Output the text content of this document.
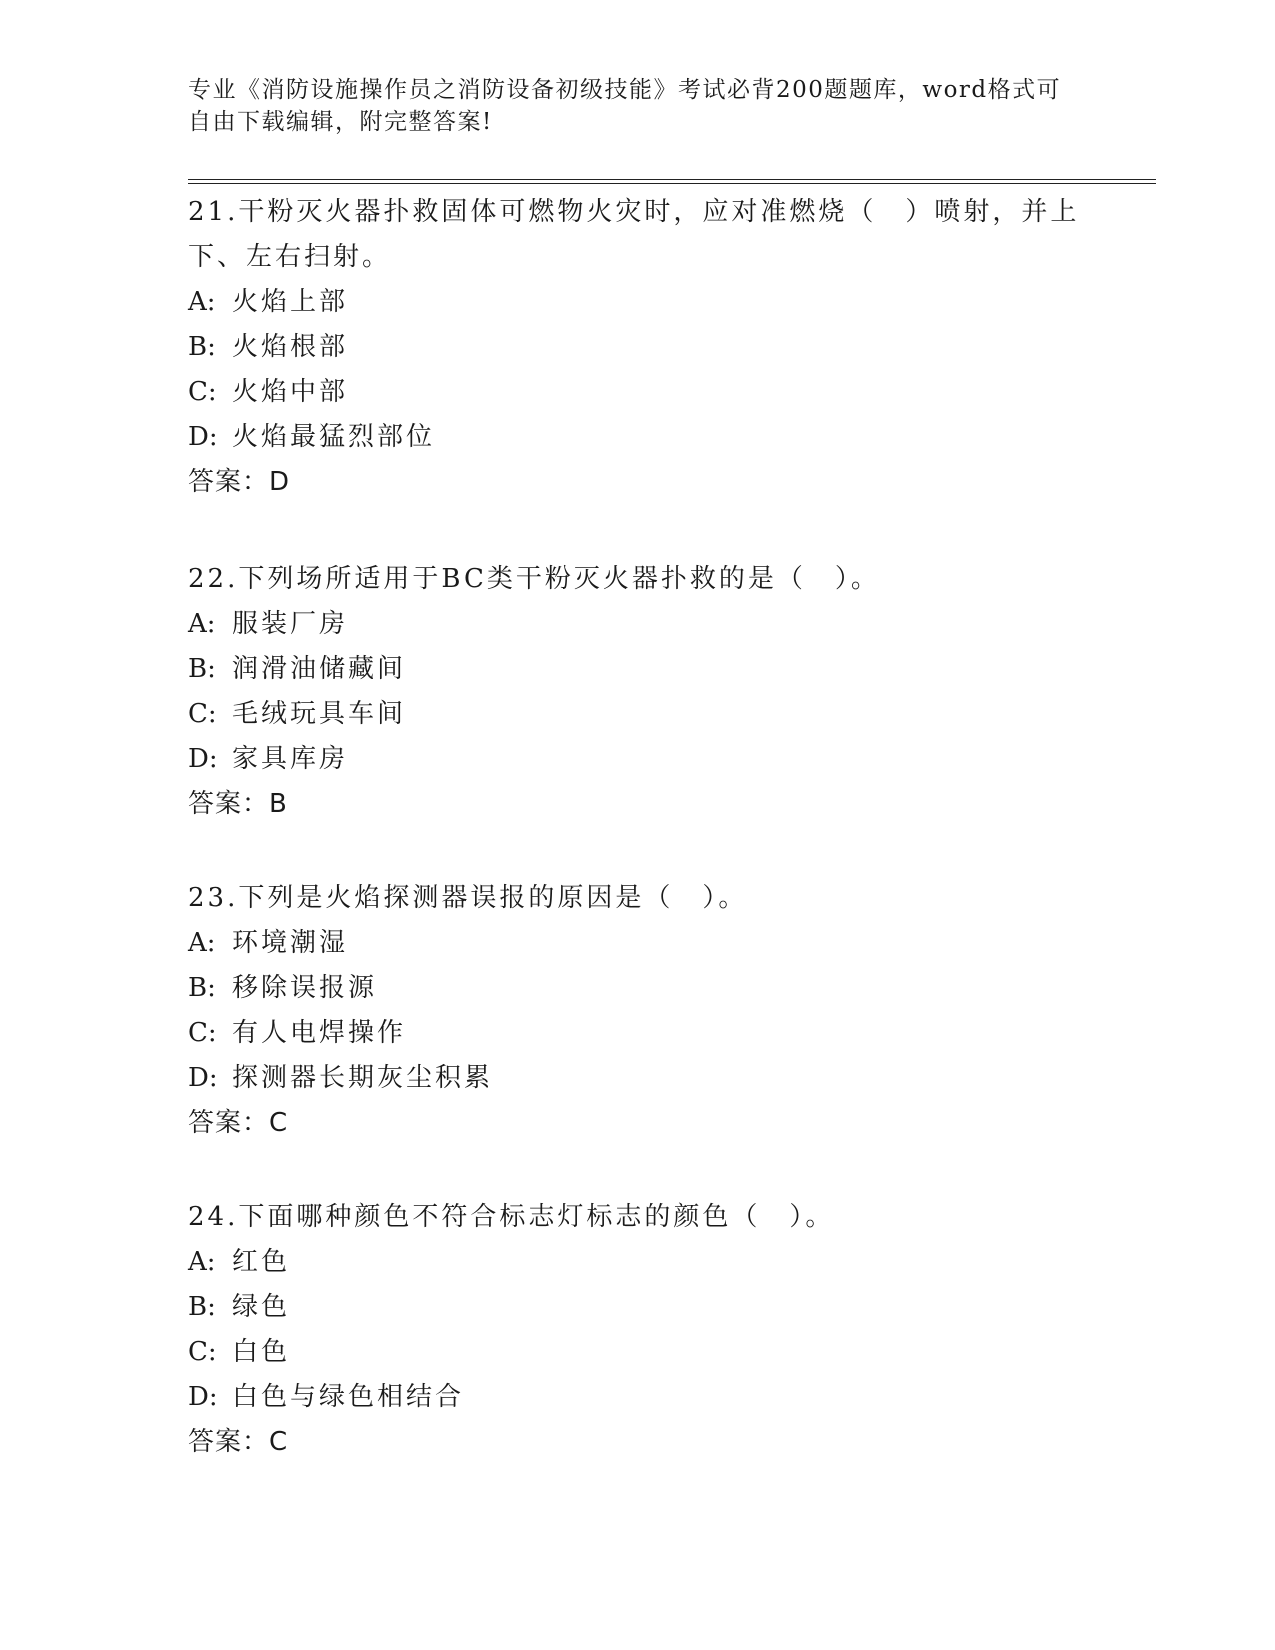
专业《消防设施操作员之消防设备初级技能》考试必背200题题库，word格式可自由下载编辑，附完整答案!

21.干粉灭火器扑救固体可燃物火灾时，应对准燃烧（　）喷射，并上下、左右扫射。

A: 火焰上部

B: 火焰根部

C: 火焰中部

D: 火焰最猛烈部位

答案：D

22.下列场所适用于BC类干粉灭火器扑救的是（　）。

A: 服装厂房

B: 润滑油储藏间

C: 毛绒玩具车间

D: 家具库房

答案：B

23.下列是火焰探测器误报的原因是（　）。

A: 环境潮湿

B: 移除误报源

C: 有人电焊操作

D: 探测器长期灰尘积累

答案：C

24.下面哪种颜色不符合标志灯标志的颜色（　）。

A: 红色

B: 绿色

C: 白色

D: 白色与绿色相结合

答案：C
